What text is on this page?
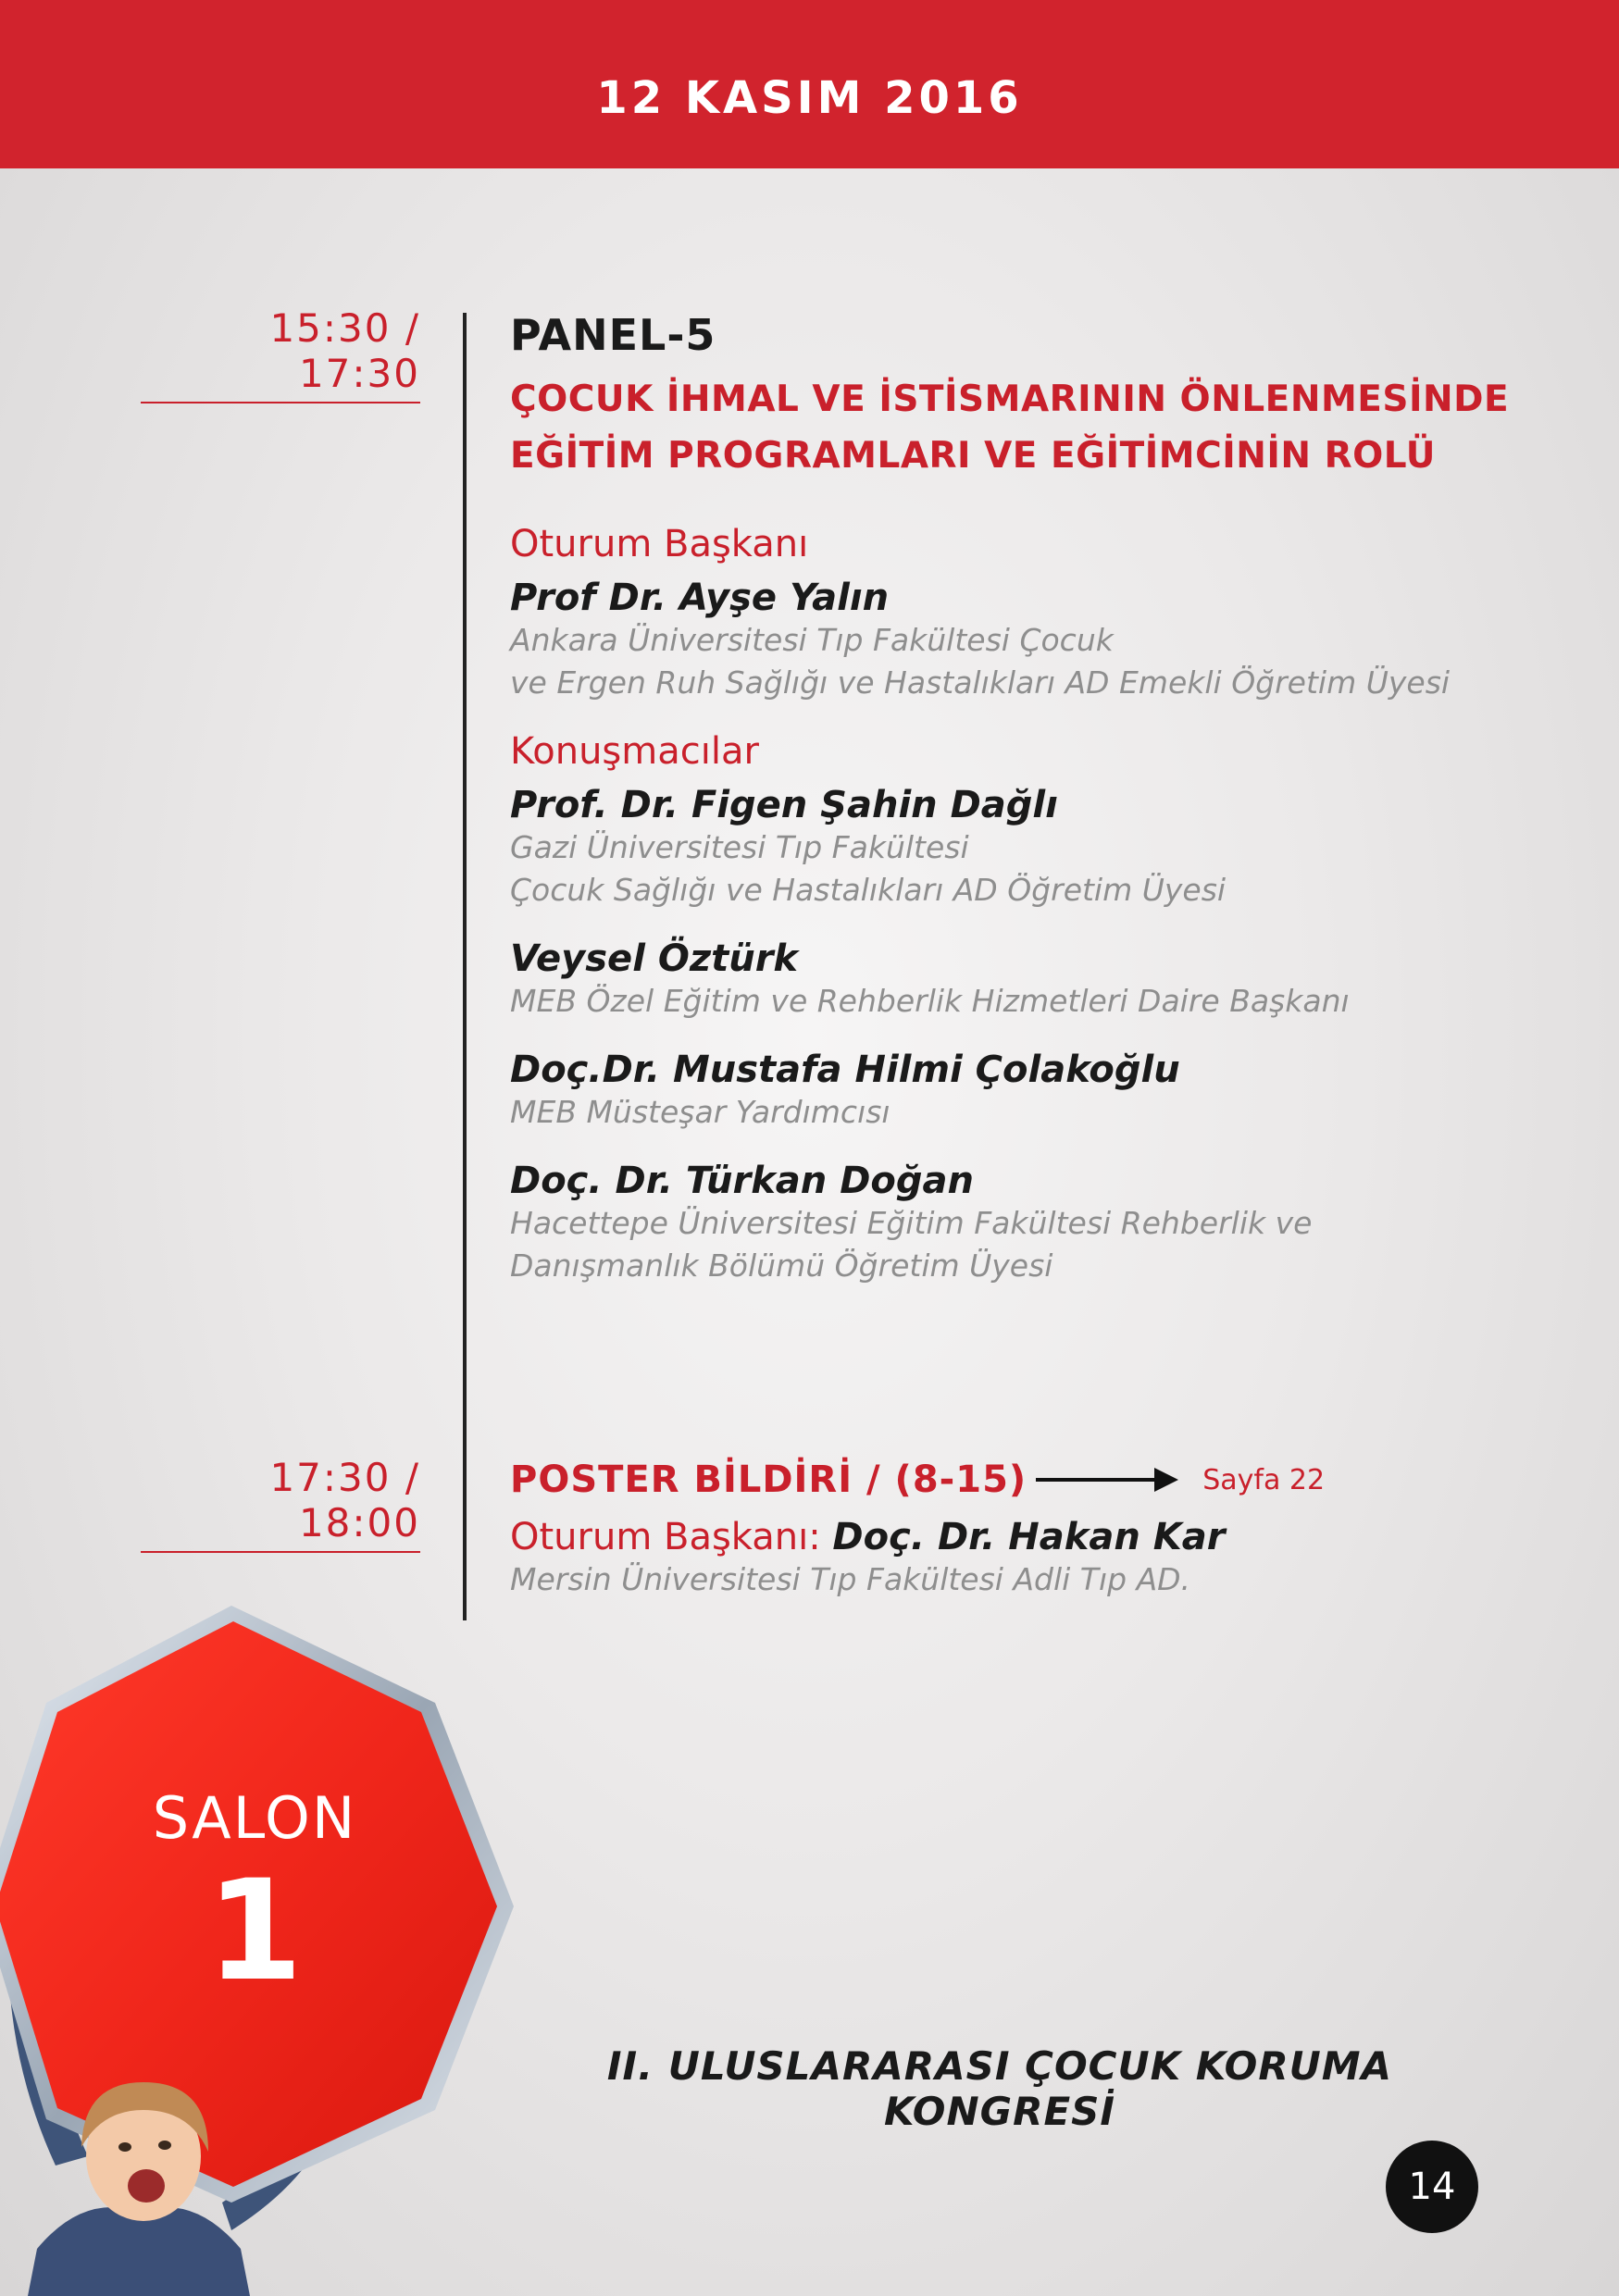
12 KASIM 2016
15:30 / 17:30
PANEL-5
ÇOCUK İHMAL VE İSTİSMARININ ÖNLENMESİNDE
EĞİTİM PROGRAMLARI VE EĞİTİMCİNİN ROLÜ
Oturum Başkanı
Prof Dr. Ayşe Yalın
Ankara Üniversitesi Tıp Fakültesi Çocuk
ve Ergen Ruh Sağlığı ve Hastalıkları AD Emekli Öğretim Üyesi
Konuşmacılar
Prof. Dr. Figen Şahin Dağlı
Gazi Üniversitesi Tıp Fakültesi
Çocuk Sağlığı ve Hastalıkları AD Öğretim Üyesi
Veysel Öztürk
MEB Özel Eğitim ve Rehberlik Hizmetleri Daire Başkanı
Doç.Dr. Mustafa Hilmi Çolakoğlu
MEB Müsteşar Yardımcısı
Doç. Dr. Türkan Doğan
Hacettepe Üniversitesi Eğitim Fakültesi Rehberlik ve
Danışmanlık Bölümü Öğretim Üyesi
17:30 / 18:00
POSTER BİLDİRİ / (8-15)	Sayfa 22
Oturum Başkanı: Doç. Dr. Hakan Kar
Mersin Üniversitesi Tıp Fakültesi Adli Tıp AD.
SALON
1
II. ULUSLARARASI ÇOCUK KORUMA KONGRESİ
14
